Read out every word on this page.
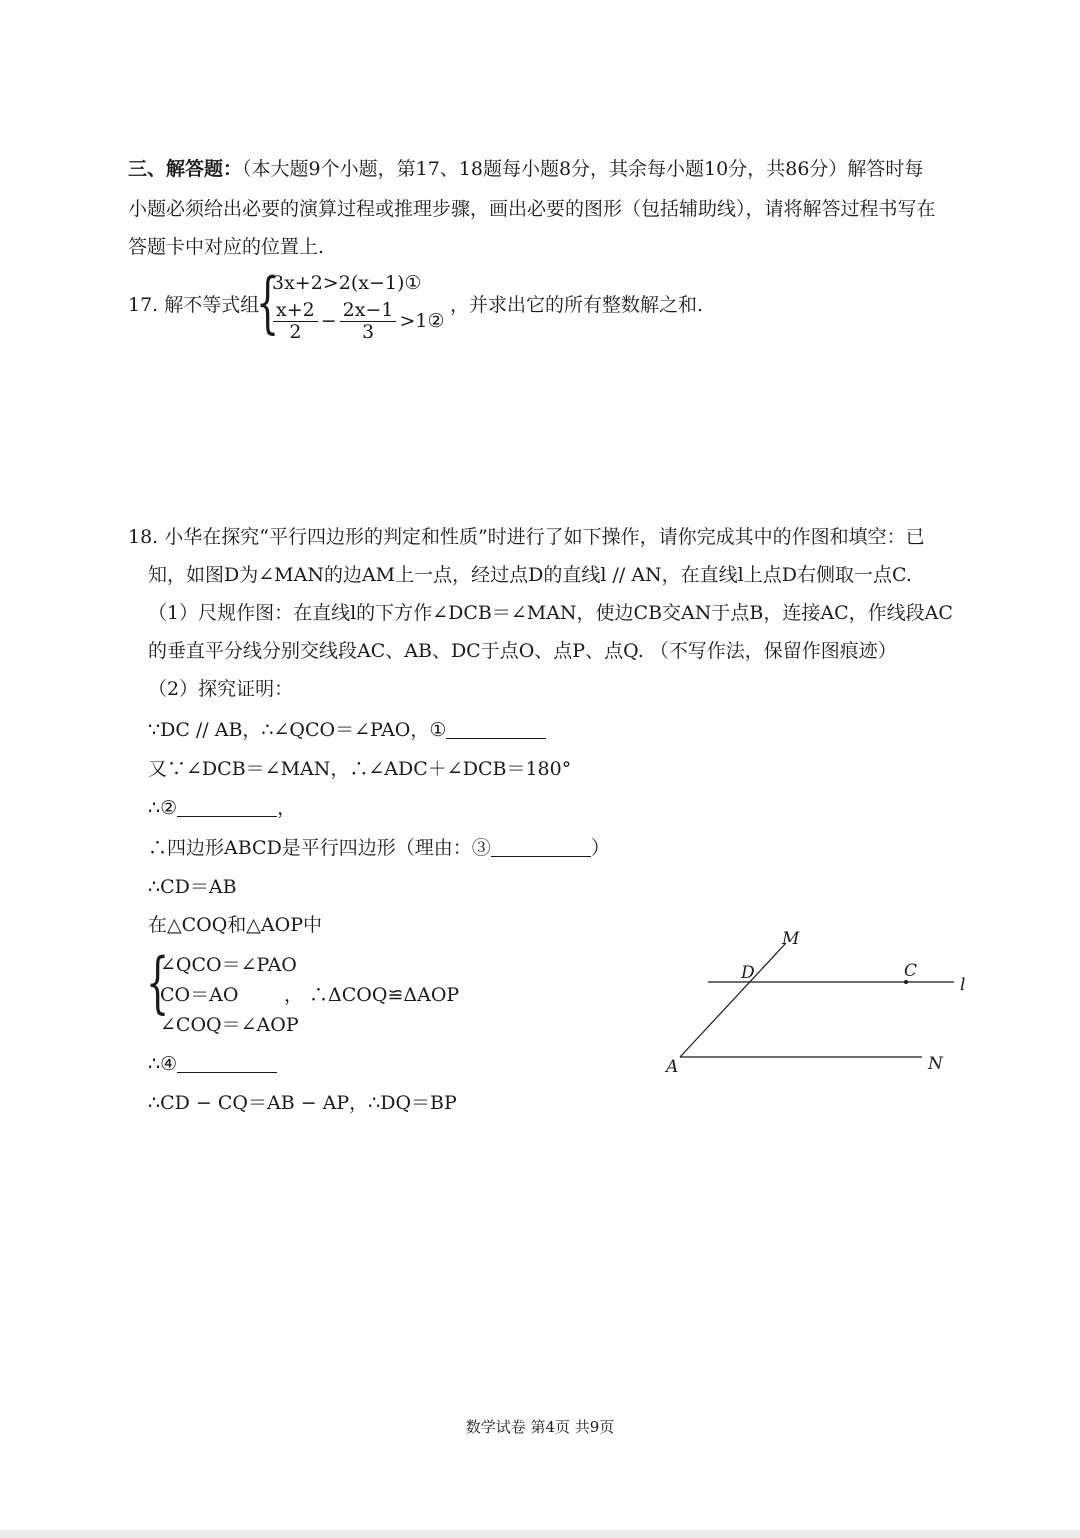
三、解答题：（本大题9个小题，第17、18题每小题8分，其余每小题10分，共86分）解答时每
小题必须给出必要的演算过程或推理步骤，画出必要的图形（包括辅助线），请将解答过程书写在
答题卡中对应的位置上.
17. 解不等式组
{
3x+2>2(x−1)①
$\frac{x+2}{2} - \frac{2x-1}{3}$ >1②
，并求出它的所有整数解之和.
18. 小华在探究“平行四边形的判定和性质”时进行了如下操作，请你完成其中的作图和填空：已
知，如图D为∠MAN的边AM上一点，经过点D的直线l // AN，在直线l上点D右侧取一点C.
（1）尺规作图：在直线l的下方作∠DCB＝∠MAN，使边CB交AN于点B，连接AC，作线段AC
的垂直平分线分别交线段AC、AB、DC于点O、点P、点Q. （不写作法，保留作图痕迹）
（2）探究证明：
∵DC // AB，∴∠QCO＝∠PAO，①
又∵∠DCB＝∠MAN，∴∠ADC＋∠DCB＝180°
∴②	，
∴四边形ABCD是平行四边形（理由：③	）
∴CD＝AB
在△COQ和△AOP中
{
∠QCO＝∠PAO
CO＝AO
∠COQ＝∠AOP
， ∴ΔCOQ≌ΔAOP
∴④
∴CD − CQ＝AB − AP，∴DQ＝BP
M
D	C
l
A	N
数学试卷 第4页 共9页
